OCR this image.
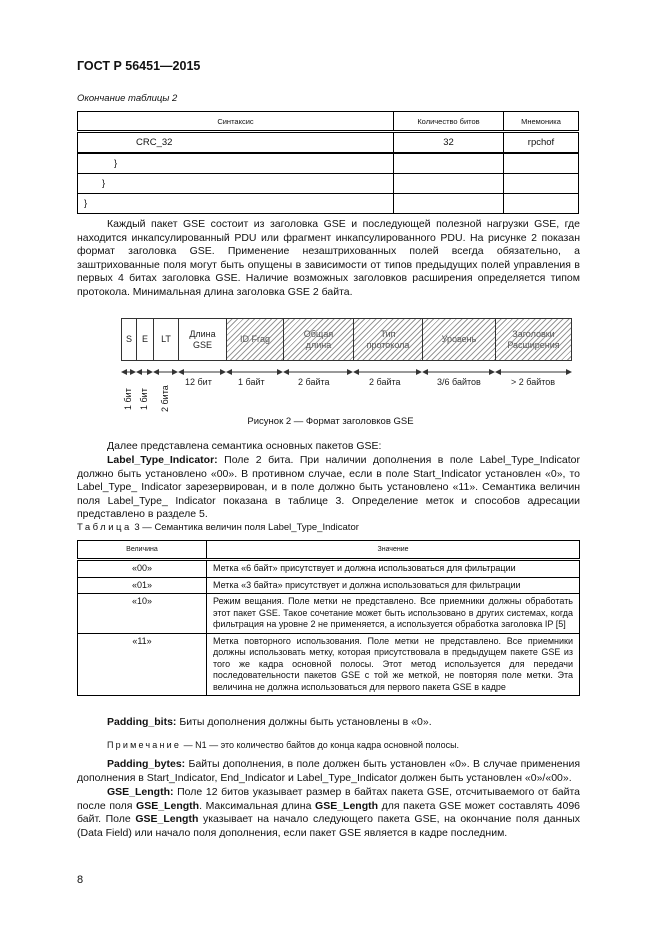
ГОСТ Р 56451—2015
Окончание таблицы 2
Синтаксис	Количество битов	Мнемоника
CRC_32	32	rpchof
}		
}		
}		

Каждый пакет GSE состоит из заголовка GSE и последующей полезной нагрузки GSE, где находится инкапсулированный PDU или фрагмент инкапсулированного PDU. На рисунке 2 показан формат заголовка GSE. Применение незаштрихованных полей всегда обязательно, а заштрихованные поля могут быть опущены в зависимости от типов предыдущих полей управления в первых 4 битах заголовка GSE. Наличие возможных заголовков расширения определяется типом протокола. Минимальная длина заголовка GSE 2 байта.

S	E	LT
Длина GSE
ID Frag
Общая длина
Тип протокола
Уровень
Заголовки Расширения
1 бит 1 бит 2 бита
12 бит	1 байт	2 байта	2 байта	3/6 байтов	> 2 байтов
Рисунок 2 — Формат заголовков GSE

Далее представлена семантика основных пакетов GSE:

Label_Type_Indicator: Поле 2 бита. При наличии дополнения в поле Label_Type_Indicator должно быть установлено «00». В противном случае, если в поле Start_Indicator установлен «0», то Label_Type_ Indicator зарезервирован, и в поле должно быть установлено «11». Семантика величин поля Label_Type_ Indicator показана в таблице 3. Определение меток и способов адресации представлено в разделе 5.

Таблица 3 — Семантика величин поля Label_Type_Indicator
Величина	Значение
«00»	Метка «6 байт» присутствует и должна использоваться для фильтрации
«01»	Метка «3 байта» присутствует и должна использоваться для фильтрации
«10»	Режим вещания. Поле метки не представлено. Все приемники должны обработать этот пакет GSE. Такое сочетание может быть использовано в других системах, когда фильтрация на уровне 2 не применяется, а используется обработка заголовка IP [5]
«11»	Метка повторного использования. Поле метки не представлено. Все приемники должны использовать метку, которая присутствовала в предыдущем пакете GSE из того же кадра основной полосы. Этот метод используется для передачи последовательности пакетов GSE с той же меткой, не повторяя поле метки. Эта величина не должна использоваться для первого пакета GSE в кадре

Padding_bits: Биты дополнения должны быть установлены в «0».

Примечание — N1 — это количество байтов до конца кадра основной полосы.

Padding_bytes: Байты дополнения, в поле должен быть установлен «0». В случае применения дополнения в Start_Indicator, End_Indicator и Label_Type_Indicator должен быть установлен «0»/«00».

GSE_Length: Поле 12 битов указывает размер в байтах пакета GSE, отсчитываемого от байта после поля GSE_Length. Максимальная длина GSE_Length для пакета GSE может составлять 4096 байт. Поле GSE_Length указывает на начало следующего пакета GSE, на окончание поля данных (Data Field) или начало поля дополнения, если пакет GSE является в кадре последним.

8
